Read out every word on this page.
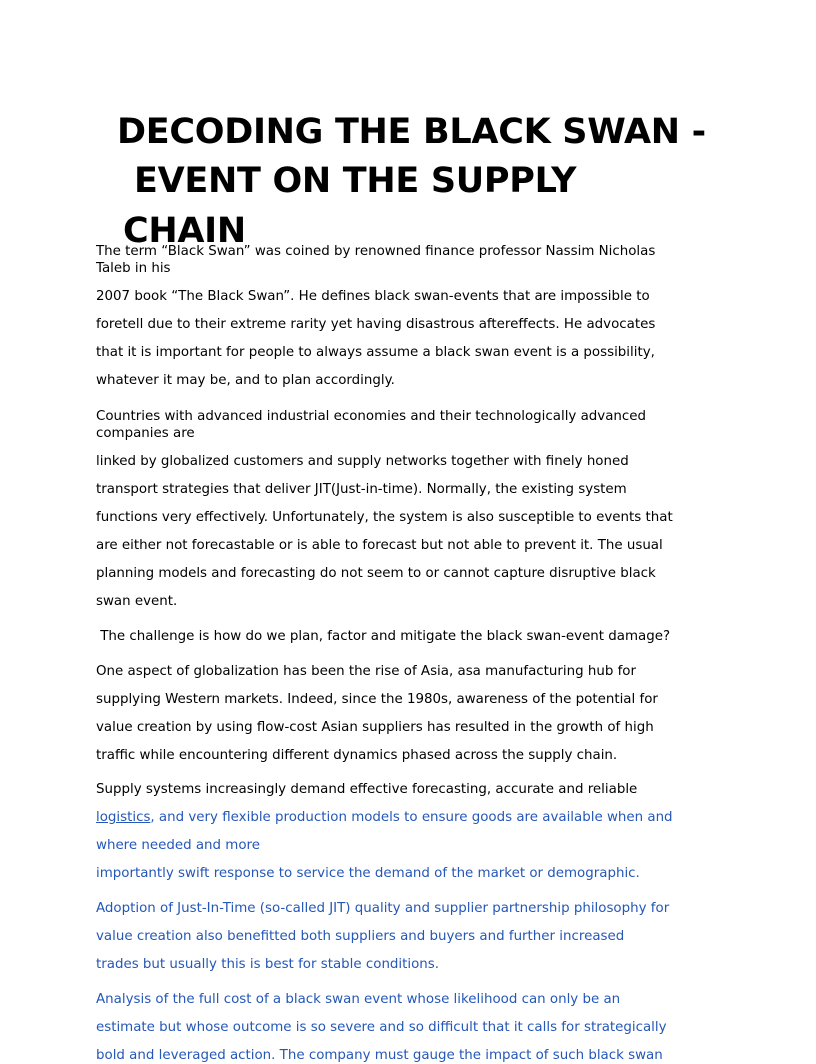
DECODING THE BLACK SWAN -
EVENT ON THE SUPPLY
CHAIN
The term “Black Swan” was coined by renowned finance professor Nassim Nicholas
Taleb in his
2007 book “The Black Swan”. He defines black swan-events that are impossible to
foretell due to their extreme rarity yet having disastrous aftereffects. He advocates
that it is important for people to always assume a black swan event is a possibility,
whatever it may be, and to plan accordingly.
Countries with advanced industrial economies and their technologically advanced
companies are
linked by globalized customers and supply networks together with finely honed
transport strategies that deliver JIT(Just-in-time). Normally, the existing system
functions very effectively. Unfortunately, the system is also susceptible to events that
are either not forecastable or is able to forecast but not able to prevent it. The usual
planning models and forecasting do not seem to or cannot capture disruptive black
swan event.
The challenge is how do we plan, factor and mitigate the black swan-event damage?
One aspect of globalization has been the rise of Asia, asa manufacturing hub for
supplying Western markets. Indeed, since the 1980s, awareness of the potential for
value creation by using flow-cost Asian suppliers has resulted in the growth of high
traffic while encountering different dynamics phased across the supply chain.
Supply systems increasingly demand effective forecasting, accurate and reliable
logistics, and very flexible production models to ensure goods are available when and
where needed and more
importantly swift response to service the demand of the market or demographic.
Adoption of Just-In-Time (so-called JIT) quality and supplier partnership philosophy for
value creation also benefitted both suppliers and buyers and further increased
trades but usually this is best for stable conditions.
Analysis of the full cost of a black swan event whose likelihood can only be an
estimate but whose outcome is so severe and so difficult that it calls for strategically
bold and leveraged action. The company must gauge the impact of such black swan
